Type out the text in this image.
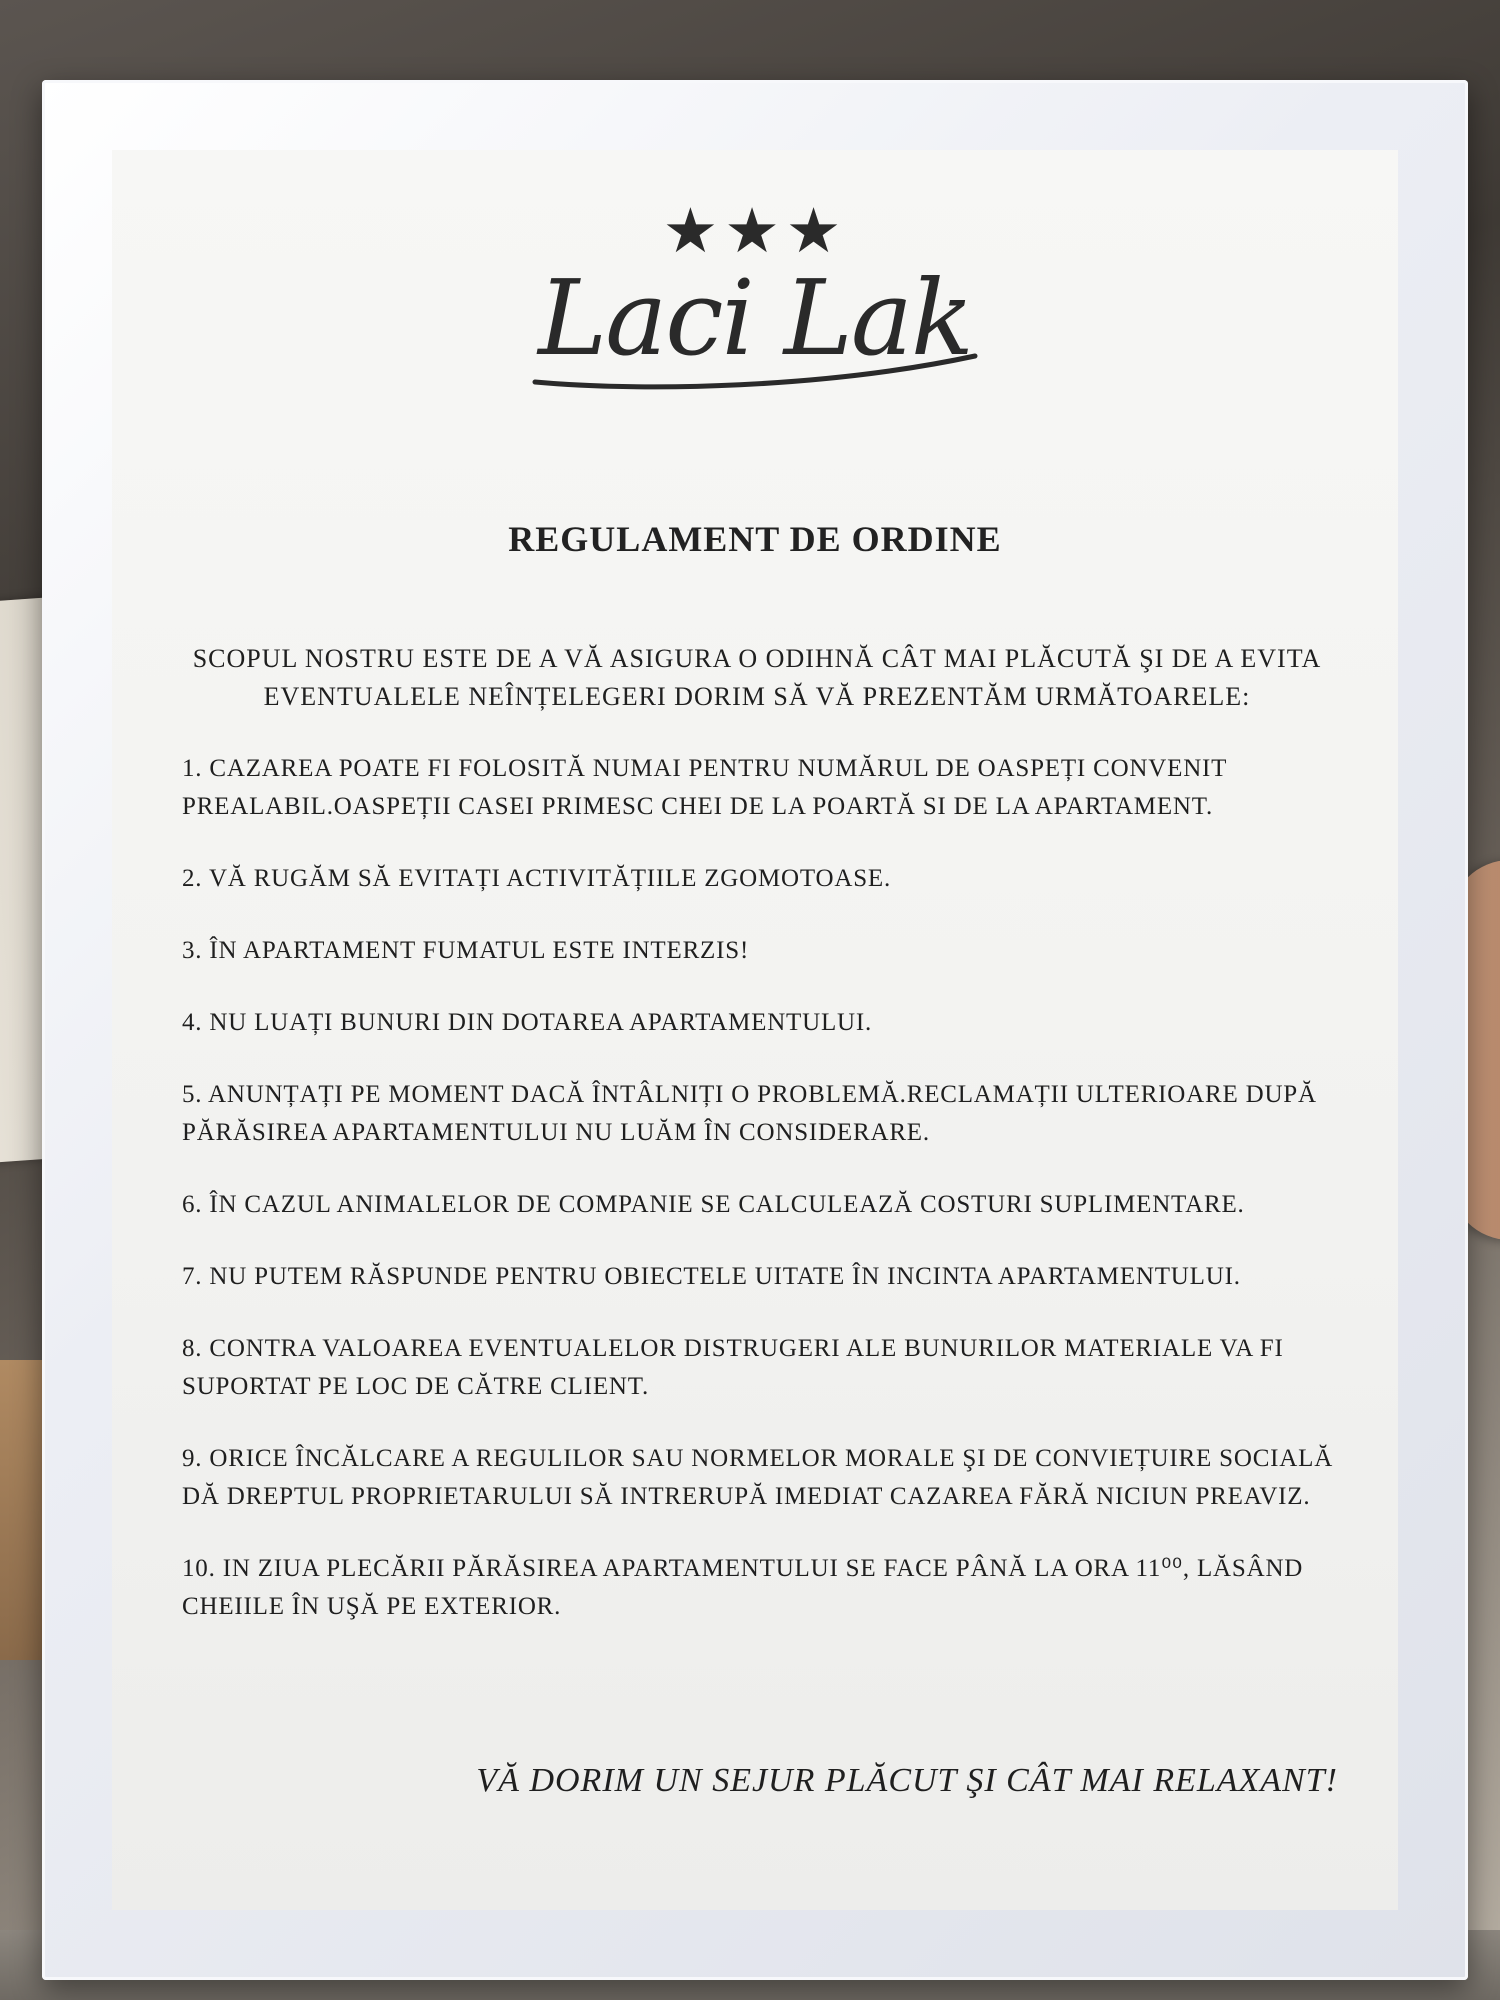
★★★
Laci Lak
REGULAMENT DE ORDINE

SCOPUL NOSTRU ESTE DE A VĂ ASIGURA O ODIHNĂ CÂT MAI PLĂCUTĂ ŞI DE A EVITA EVENTUALELE NEÎNȚELEGERI DORIM SĂ VĂ PREZENTĂM URMĂTOARELE:

1. CAZAREA POATE FI FOLOSITĂ NUMAI PENTRU NUMĂRUL DE OASPEȚI CONVENIT PREALABIL.OASPEȚII CASEI PRIMESC CHEI DE LA POARTĂ SI DE LA APARTAMENT.
2. VĂ RUGĂM SĂ EVITAȚI ACTIVITĂȚIILE ZGOMOTOASE.
3. ÎN APARTAMENT FUMATUL ESTE INTERZIS!
4. NU LUAȚI BUNURI DIN DOTAREA APARTAMENTULUI.
5. ANUNȚAȚI PE MOMENT DACĂ ÎNTÂLNIȚI O PROBLEMĂ.RECLAMAȚII ULTERIOARE DUPĂ PĂRĂSIREA APARTAMENTULUI NU LUĂM ÎN CONSIDERARE.
6. ÎN CAZUL ANIMALELOR DE COMPANIE SE CALCULEAZĂ COSTURI SUPLIMENTARE.
7. NU PUTEM RĂSPUNDE PENTRU OBIECTELE UITATE ÎN INCINTA APARTAMENTULUI.
8. CONTRA VALOAREA EVENTUALELOR DISTRUGERI ALE BUNURILOR MATERIALE VA FI SUPORTAT PE LOC DE CĂTRE CLIENT.
9. ORICE ÎNCĂLCARE A REGULILOR SAU NORMELOR MORALE ŞI DE CONVIEȚUIRE SOCIALĂ DĂ DREPTUL PROPRIETARULUI SĂ INTRERUPĂ IMEDIAT CAZAREA FĂRĂ NICIUN PREAVIZ.
10. IN ZIUA PLECĂRII PĂRĂSIREA APARTAMENTULUI SE FACE PÂNĂ LA ORA 11⁰⁰, LĂSÂND CHEIILE ÎN UŞĂ PE EXTERIOR.
VĂ DORIM UN SEJUR PLĂCUT ŞI CÂT MAI RELAXANT!
